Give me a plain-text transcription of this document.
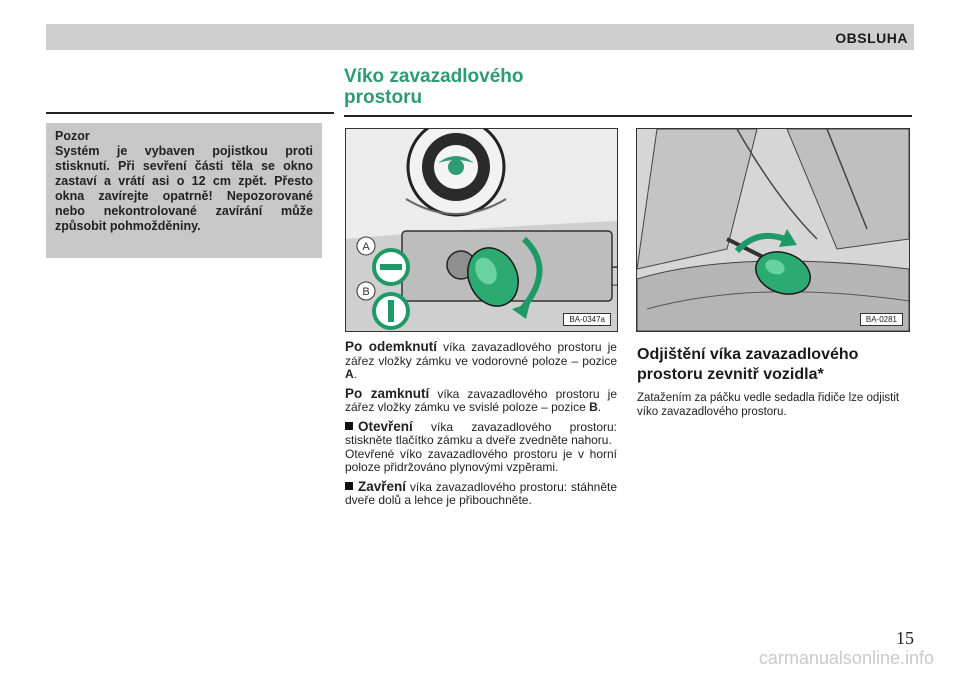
OBSLUHA
Víko zavazadlového
prostoru
Pozor
Systém je vybaven pojistkou proti stisknutí. Při sevření části těla se okno zastaví a vrátí asi o 12 cm zpět. Přesto okna zavírejte opatrně! Nepozorované nebo nekontrolované zavírání může způsobit pohmožděniny.
A
B
BA-0347a	BA-0281

Po odemknutí víka zavazadlového prostoru je zářez vložky zámku ve vodorovné poloze – pozice A.

Po zamknutí víka zavazadlového prostoru je zářez vložky zámku ve svislé poloze – pozice B.

Otevření víka zavazadlového prostoru: stiskněte tlačítko zámku a dveře zvedněte nahoru.
Otevřené víko zavazadlového prostoru je v horní poloze přidržováno plynovými vzpěrami.

Zavření víka zavazadlového prostoru: stáhněte dveře dolů a lehce je přibouchněte.

Odjištění víka zavazadlového prostoru zevnitř vozidla*

Zatažením za páčku vedle sedadla řidiče lze odjistit víko zavazadlového prostoru.

15
carmanualsonline.info
